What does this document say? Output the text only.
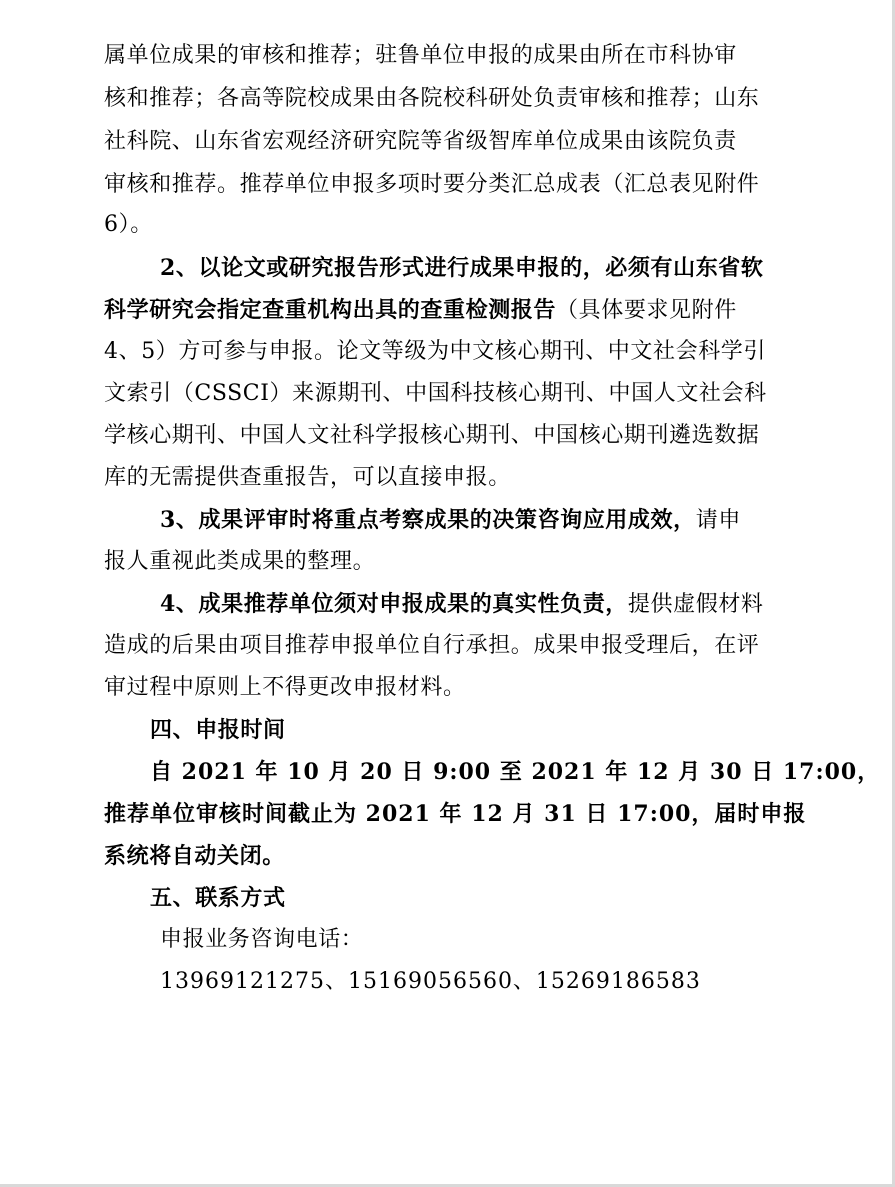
属单位成果的审核和推荐；驻鲁单位申报的成果由所在市科协审
核和推荐；各高等院校成果由各院校科研处负责审核和推荐；山东
社科院、山东省宏观经济研究院等省级智库单位成果由该院负责
审核和推荐。推荐单位申报多项时要分类汇总成表（汇总表见附件
6）。
2、以论文或研究报告形式进行成果申报的，必须有山东省软
科学研究会指定查重机构出具的查重检测报告（具体要求见附件
4、5）方可参与申报。论文等级为中文核心期刊、中文社会科学引
文索引（CSSCI）来源期刊、中国科技核心期刊、中国人文社会科
学核心期刊、中国人文社科学报核心期刊、中国核心期刊遴选数据
库的无需提供查重报告，可以直接申报。
3、成果评审时将重点考察成果的决策咨询应用成效，请申
报人重视此类成果的整理。
4、成果推荐单位须对申报成果的真实性负责，提供虚假材料
造成的后果由项目推荐申报单位自行承担。成果申报受理后，在评
审过程中原则上不得更改申报材料。
四、申报时间
自 2021 年 10 月 20 日 9:00 至 2021 年 12 月 30 日 17:00，
推荐单位审核时间截止为 2021 年 12 月 31 日 17:00，届时申报
系统将自动关闭。
五、联系方式
申报业务咨询电话：
13969121275、15169056560、15269186583
